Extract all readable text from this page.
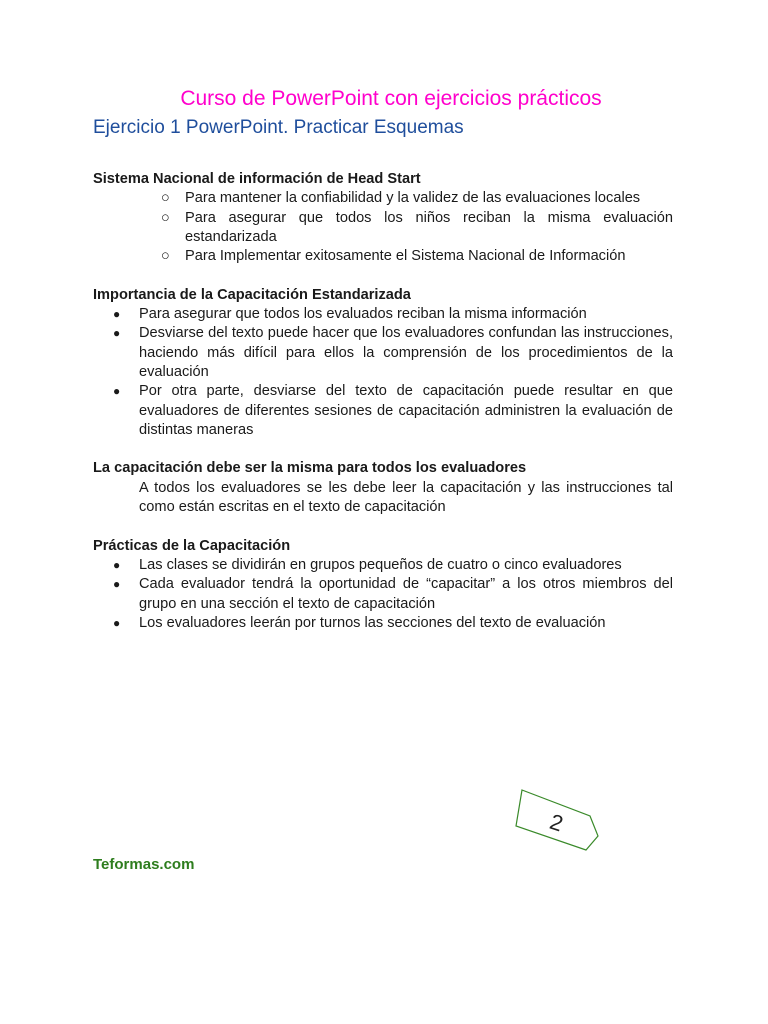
Curso de PowerPoint con ejercicios prácticos
Ejercicio 1 PowerPoint. Practicar Esquemas

Sistema Nacional de información de Head Start

○ Para mantener la confiabilidad y la validez de las evaluaciones locales
○ Para asegurar que todos los niños reciban la misma evaluación estandarizada
○ Para Implementar exitosamente el Sistema Nacional de Información

Importancia de la Capacitación Estandarizada

● Para asegurar que todos los evaluados reciban la misma información
● Desviarse del texto puede hacer que los evaluadores confundan las instrucciones, haciendo más difícil para ellos la comprensión de los procedimientos de la evaluación
● Por otra parte, desviarse del texto de capacitación puede resultar en que evaluadores de diferentes sesiones de capacitación administren la evaluación de distintas maneras

La capacitación debe ser la misma para todos los evaluadores

A todos los evaluadores se les debe leer la capacitación y las instrucciones tal como están escritas en el texto de capacitación

Prácticas de la Capacitación

● Las clases se dividirán en grupos pequeños de cuatro o cinco evaluadores
● Cada evaluador tendrá la oportunidad de “capacitar” a los otros miembros del grupo en una sección el texto de capacitación
● Los evaluadores leerán por turnos las secciones del texto de evaluación
2
Teformas.com
